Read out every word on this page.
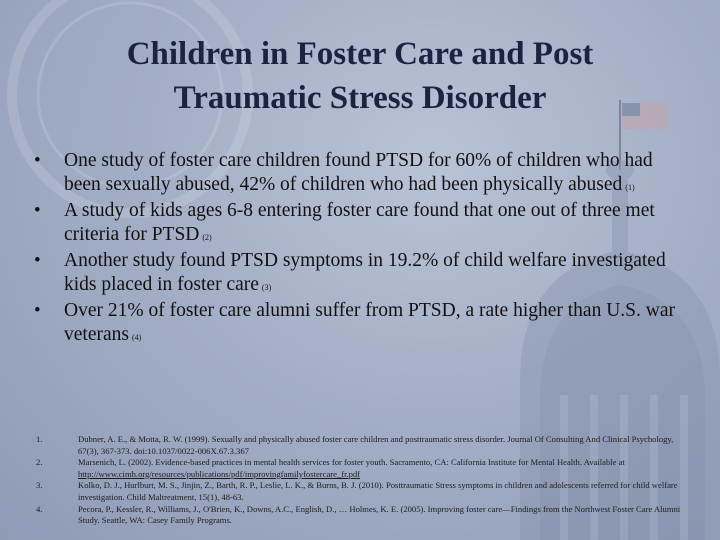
Children in Foster Care and Post
Traumatic Stress Disorder
•	One study of foster care children found PTSD for 60% of children who had been sexually abused, 42% of children who had been physically abused (1)
•	A study of kids ages 6-8 entering foster care found that one out of three met criteria for PTSD (2)
•	Another study found PTSD symptoms in 19.2% of child welfare investigated kids placed in foster care (3)
•	Over 21% of foster care alumni suffer from PTSD, a rate higher than U.S. war veterans (4)
1.	Dubner, A. E., & Motta, R. W. (1999). Sexually and physically abused foster care children and posttraumatic stress disorder. Journal Of Consulting And Clinical Psychology, 67(3), 367-373. doi:10.1037/0022-006X.67.3.367
2.	Marsenich, L. (2002). Evidence-based practices in mental health services for foster youth. Sacramento, CA: California Institute for Mental Health. Available at
http://www.cimh.org/resources/publications/pdf/improvingfamilyfostercare_fr.pdf
3.	Kolko, D. J., Hurlburt, M. S., Jinjin, Z., Barth, R. P., Leslie, L. K., & Burns, B. J. (2010). Posttraumatic Stress symptoms in children and adolescents referred for child welfare investigation. Child Maltreatment, 15(1), 48-63.
4.	Pecora, P., Kessler, R., Williams, J., O'Brien, K., Downs, A.C., English, D., … Holmes, K. E. (2005). Improving foster care—Findings from the Northwest Foster Care Alumni Study. Seattle, WA: Casey Family Programs.
